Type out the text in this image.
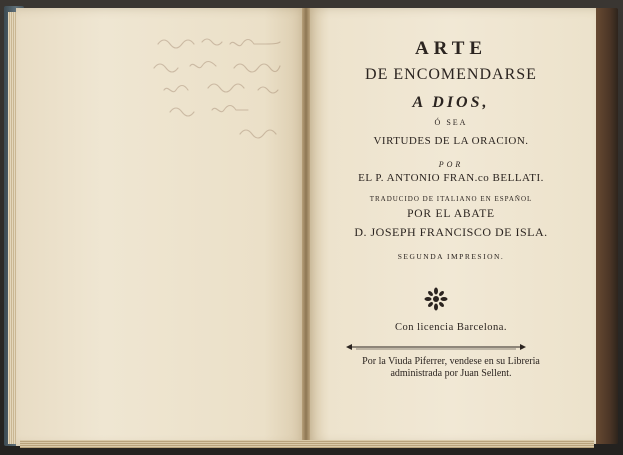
ARTE
DE ENCOMENDARSE
A DIOS,
Ó SEA
VIRTUDES DE LA ORACION.
POR
EL P. ANTONIO FRAN.co BELLATI.
TRADUCIDO DE ITALIANO EN ESPAÑOL
POR EL ABATE
D. JOSEPH FRANCISCO DE ISLA.
SEGUNDA IMPRESION.
Con licencia Barcelona.
Por la Viuda Piferrer, vendese en su Libreria
administrada por Juan Sellent.
